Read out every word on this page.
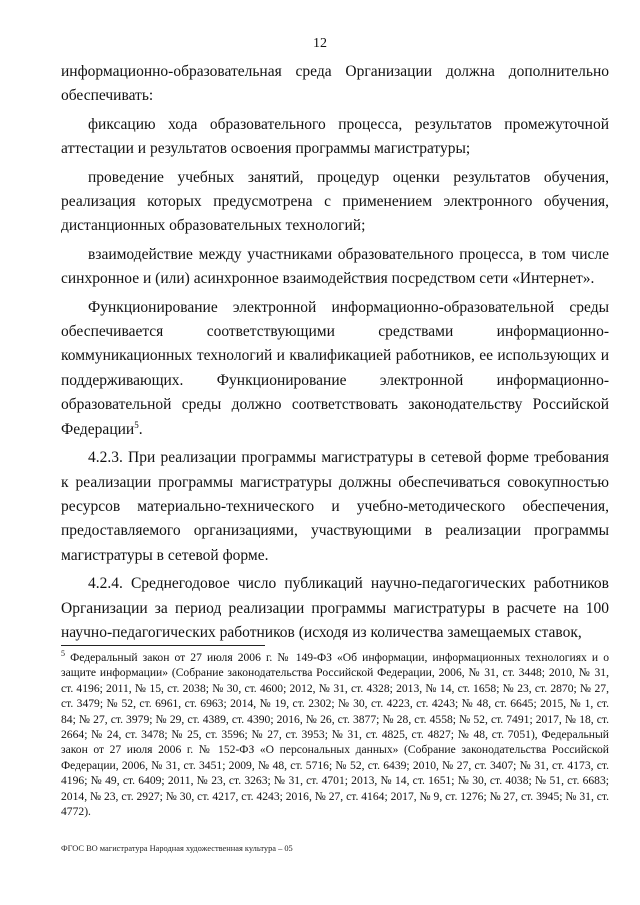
12

информационно-образовательная среда Организации должна дополнительно обеспечивать:

фиксацию хода образовательного процесса, результатов промежуточной аттестации и результатов освоения программы магистратуры;

проведение учебных занятий, процедур оценки результатов обучения, реализация которых предусмотрена с применением электронного обучения, дистанционных образовательных технологий;

взаимодействие между участниками образовательного процесса, в том числе синхронное и (или) асинхронное взаимодействия посредством сети «Интернет».

Функционирование электронной информационно-образовательной среды обеспечивается соответствующими средствами информационно-коммуникационных технологий и квалификацией работников, ее использующих и поддерживающих. Функционирование электронной информационно-образовательной среды должно соответствовать законодательству Российской Федерации$^5$.

4.2.3. При реализации программы магистратуры в сетевой форме требования к реализации программы магистратуры должны обеспечиваться совокупностью ресурсов материально-технического и учебно-методического обеспечения, предоставляемого организациями, участвующими в реализации программы магистратуры в сетевой форме.

4.2.4. Среднегодовое число публикаций научно-педагогических работников Организации за период реализации программы магистратуры в расчете на 100 научно-педагогических работников (исходя из количества замещаемых ставок,

$^5$ Федеральный закон от 27 июля 2006 г. № 149-ФЗ «Об информации, информационных технологиях и о защите информации» (Собрание законодательства Российской Федерации, 2006, № 31, ст. 3448; 2010, № 31, ст. 4196; 2011, № 15, ст. 2038; № 30, ст. 4600; 2012, № 31, ст. 4328; 2013, № 14, ст. 1658; № 23, ст. 2870; № 27, ст. 3479; № 52, ст. 6961, ст. 6963; 2014, № 19, ст. 2302; № 30, ст. 4223, ст. 4243; № 48, ст. 6645; 2015, № 1, ст. 84; № 27, ст. 3979; № 29, ст. 4389, ст. 4390; 2016, № 26, ст. 3877; № 28, ст. 4558; № 52, ст. 7491; 2017, № 18, ст. 2664; № 24, ст. 3478; № 25, ст. 3596; № 27, ст. 3953; № 31, ст. 4825, ст. 4827; № 48, ст. 7051), Федеральный закон от 27 июля 2006 г. № 152-ФЗ «О персональных данных» (Собрание законодательства Российской Федерации, 2006, № 31, ст. 3451; 2009, № 48, ст. 5716; № 52, ст. 6439; 2010, № 27, ст. 3407; № 31, ст. 4173, ст. 4196; № 49, ст. 6409; 2011, № 23, ст. 3263; № 31, ст. 4701; 2013, № 14, ст. 1651; № 30, ст. 4038; № 51, ст. 6683; 2014, № 23, ст. 2927; № 30, ст. 4217, ст. 4243; 2016, № 27, ст. 4164; 2017, № 9, ст. 1276; № 27, ст. 3945; № 31, ст. 4772).
ФГОС ВО магистратура Народная художественная культура – 05
